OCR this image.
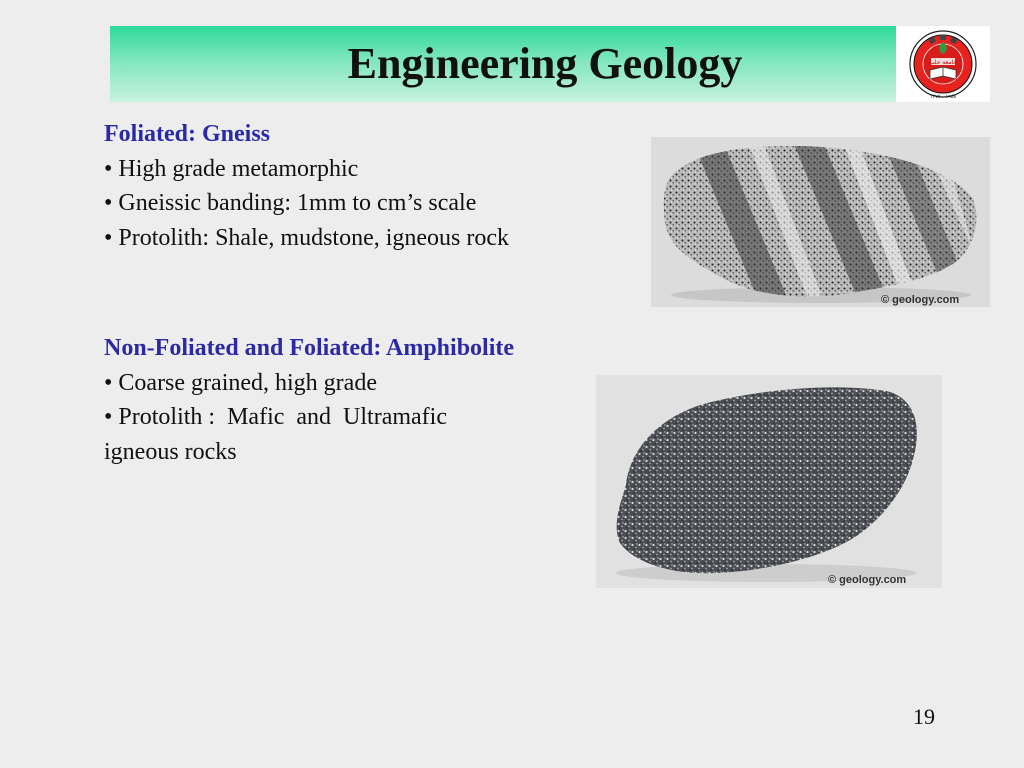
Engineering Geology	جامعة حلب
١٩٥٨ - ١٣٧٧
Foliated: Gneiss
• High grade metamorphic
• Gneissic banding: 1mm to cm’s scale
• Protolith: Shale, mudstone, igneous rock
© geology.com
Non-Foliated and Foliated: Amphibolite
• Coarse grained, high grade
• Protolith :  Mafic  and  Ultramafic
igneous rocks
© geology.com
19
